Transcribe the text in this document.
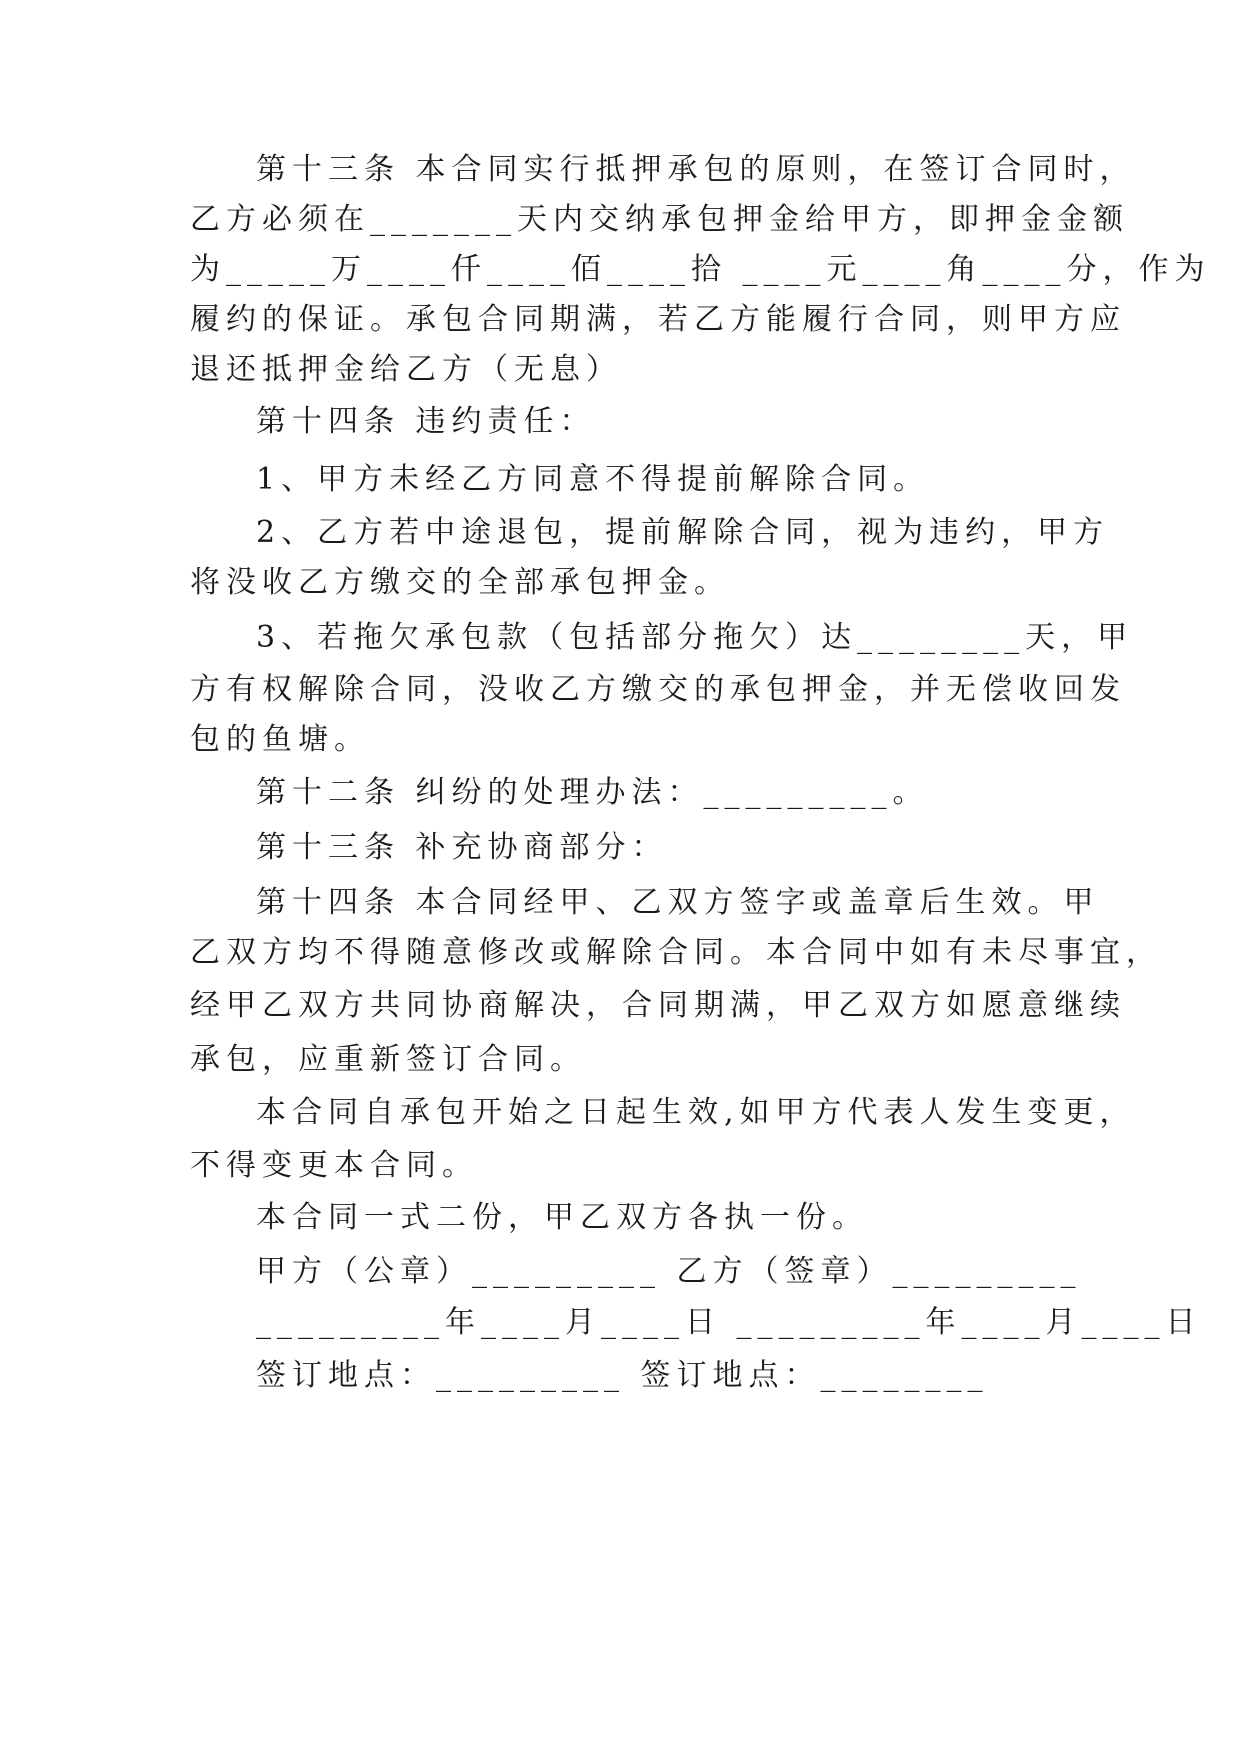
第十三条 本合同实行抵押承包的原则，在签订合同时，
乙方必须在_______天内交纳承包押金给甲方，即押金金额
为_____万____仟____佰____拾 ____元____角____分，作为
履约的保证。承包合同期满，若乙方能履行合同，则甲方应
退还抵押金给乙方（无息）
第十四条 违约责任：
1、甲方未经乙方同意不得提前解除合同。
2、乙方若中途退包，提前解除合同，视为违约，甲方
将没收乙方缴交的全部承包押金。
3、若拖欠承包款（包括部分拖欠）达________天，甲
方有权解除合同，没收乙方缴交的承包押金，并无偿收回发
包的鱼塘。
第十二条 纠纷的处理办法：_________。
第十三条 补充协商部分：
第十四条 本合同经甲、乙双方签字或盖章后生效。甲
乙双方均不得随意修改或解除合同。本合同中如有未尽事宜，
经甲乙双方共同协商解决，合同期满，甲乙双方如愿意继续
承包，应重新签订合同。
本合同自承包开始之日起生效,如甲方代表人发生变更，
不得变更本合同。
本合同一式二份，甲乙双方各执一份。
甲方（公章）_________ 乙方（签章）_________
_________年____月____日 _________年____月____日
签订地点：_________ 签订地点：________
